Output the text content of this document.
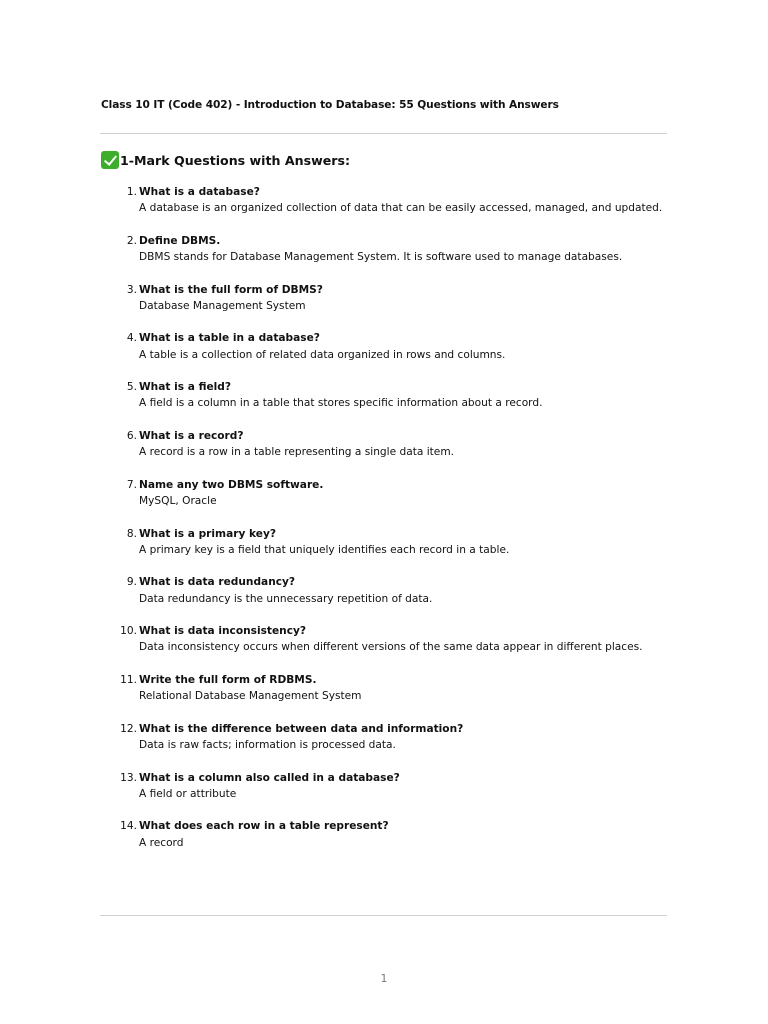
Class 10 IT (Code 402) - Introduction to Database: 55 Questions with Answers
1-Mark Questions with Answers:
1. What is a database?
A database is an organized collection of data that can be easily accessed, managed, and updated.
2. Define DBMS.
DBMS stands for Database Management System. It is software used to manage databases.
3. What is the full form of DBMS?
Database Management System
4. What is a table in a database?
A table is a collection of related data organized in rows and columns.
5. What is a field?
A field is a column in a table that stores specific information about a record.
6. What is a record?
A record is a row in a table representing a single data item.
7. Name any two DBMS software.
MySQL, Oracle
8. What is a primary key?
A primary key is a field that uniquely identifies each record in a table.
9. What is data redundancy?
Data redundancy is the unnecessary repetition of data.
10. What is data inconsistency?
Data inconsistency occurs when different versions of the same data appear in different places.
11. Write the full form of RDBMS.
Relational Database Management System
12. What is the difference between data and information?
Data is raw facts; information is processed data.
13. What is a column also called in a database?
A field or attribute
14. What does each row in a table represent?
A record
1
